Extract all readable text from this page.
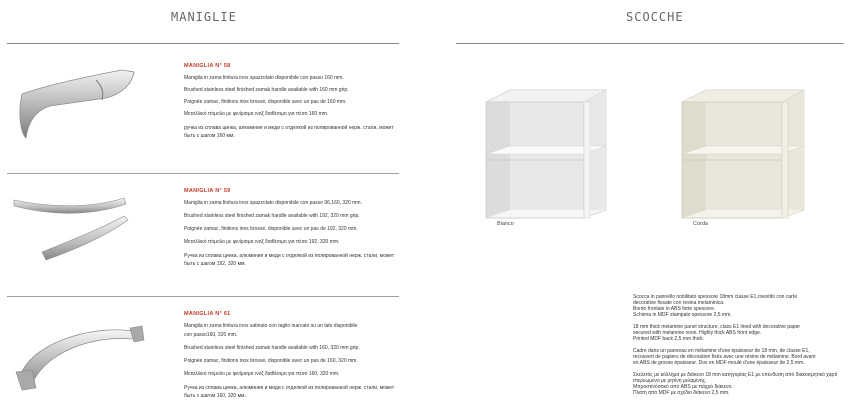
MANIGLIE
MANIGLIA N° 58
Maniglia in zama finitura inox spazzolato disponibile con passo 160 mm.
Brushed stainless steel finished zamak handle available with 160 mm grip.
Poignée zamac, finitions inox brossé, disponible avec un pas de 160 mm.
Μεταλλικό πόμολο με φινίρισμα ινοξ διαθέσιμο για πέσο 160 mm.
ручка из сплава цинка, алюминия и меди с отделкой из полированной нерж. стали, может
быть с шагом 160 мм.
MANIGLIA N° 59
Maniglia in zama finitura inox spazzolato disponibile con passo 96,160, 320 mm.
Brushed stainless steel finished zamak handle available with 192, 320 mm grip.
Poignée zamac, finitions inox brossé, disponible avec un pas de 192, 320 mm.
Μεταλλικό πόμολο με φινίρισμα ινοξ διαθέσιμο για πέσο 192, 320 mm.
Ручка из сплава цинка, алюминия и меди с отделкой из полированной нерж. стали, может
быть с шагом 192, 320 мм.
MANIGLIA N° 61
Maniglia in zama finitura inox satinato con taglio inarcato su un lato disponibile
con passo160, 320 mm.
Brushed stainless steel finished zamak handle available with 160, 320 mm grip.
Poignée zamac, finitions inox brossé, disponible avec un pas de 160, 320 mm.
Μεταλλικό πόμολο με φινίρισμα ινοξ διαθέσιμο για πέσο 160, 320 mm.
Ручка из сплава цинка, алюминия и меди с отделкой из полированной нерж. стали, может
быть с шагом 160, 320 мм.
SCOCCHE
Bianco	Corda
Scocca in pannello nobilitato spessore 18mm classe E1,rivestito con carte
decorative fissate con resina melaminica.
Bordo frontale in ABS forte spessore.
Schiena in MDF stampato spessore 2,5 mm.
18 mm thick melamine panel structure, class E1 lined with decorative paper
secured with melamine resin. Highly thick ABS front edge.
Printed MDF back 2,5 mm thick.
Cadre dans un panneau en mélamine d'une épaisseur de 18 mm, de classe E1,
recouvert de papiers de décoration fixés avec une résine de mélamine. Bord avant
en ABS de grosse épaisseur. Dos en MDF moulé d'une épaisseur de 2,5 mm.
Σκελετός με κόλλημα με διάκενο 18 mm κατηγορίας E1 με επένδυση από διακοσμητικό χαρτί
στερεωμένο με ρητίνη μελαμίνης.
Μπροστινόσοκο από ABS με πάχρό διάκενο.
Πλάτη από MDF με σχέδιο διάκενο 2,5 mm.
